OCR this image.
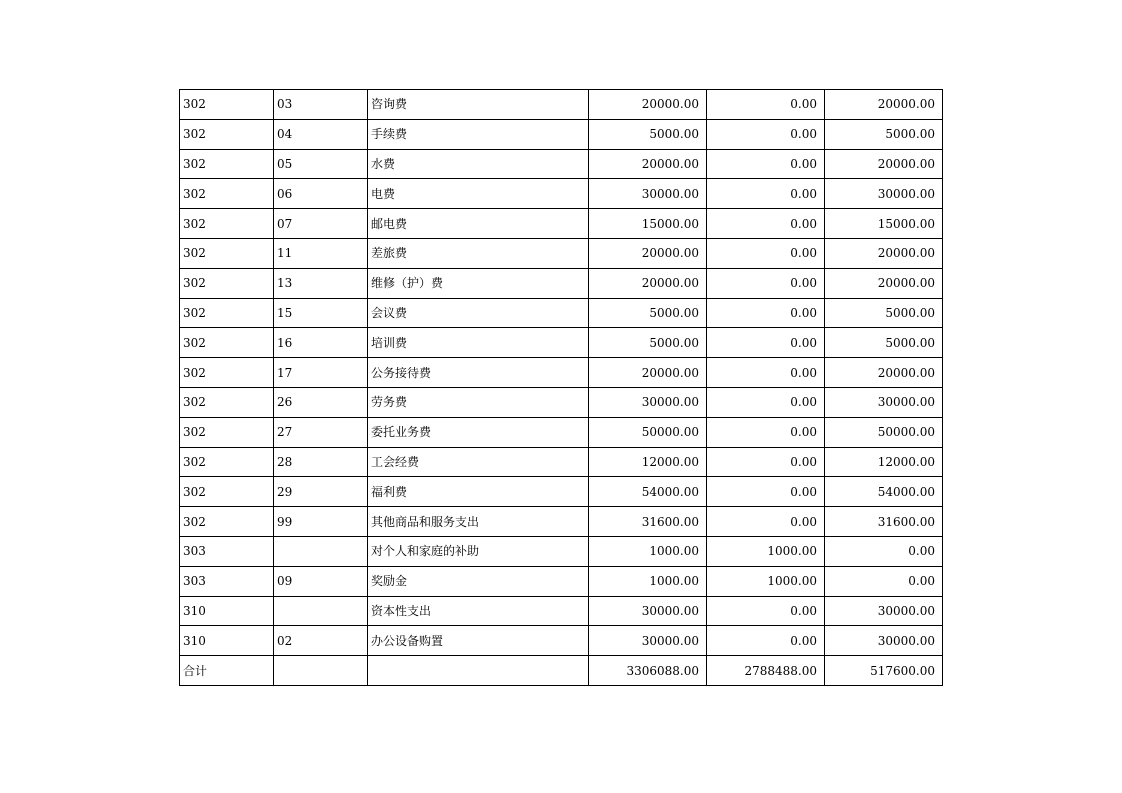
302	03	咨询费	20000.00	0.00	20000.00
302	04	手续费	5000.00	0.00	5000.00
302	05	水费	20000.00	0.00	20000.00
302	06	电费	30000.00	0.00	30000.00
302	07	邮电费	15000.00	0.00	15000.00
302	11	差旅费	20000.00	0.00	20000.00
302	13	维修（护）费	20000.00	0.00	20000.00
302	15	会议费	5000.00	0.00	5000.00
302	16	培训费	5000.00	0.00	5000.00
302	17	公务接待费	20000.00	0.00	20000.00
302	26	劳务费	30000.00	0.00	30000.00
302	27	委托业务费	50000.00	0.00	50000.00
302	28	工会经费	12000.00	0.00	12000.00
302	29	福利费	54000.00	0.00	54000.00
302	99	其他商品和服务支出	31600.00	0.00	31600.00
303		对个人和家庭的补助	1000.00	1000.00	0.00
303	09	奖励金	1000.00	1000.00	0.00
310		资本性支出	30000.00	0.00	30000.00
310	02	办公设备购置	30000.00	0.00	30000.00
合计			3306088.00	2788488.00	517600.00
